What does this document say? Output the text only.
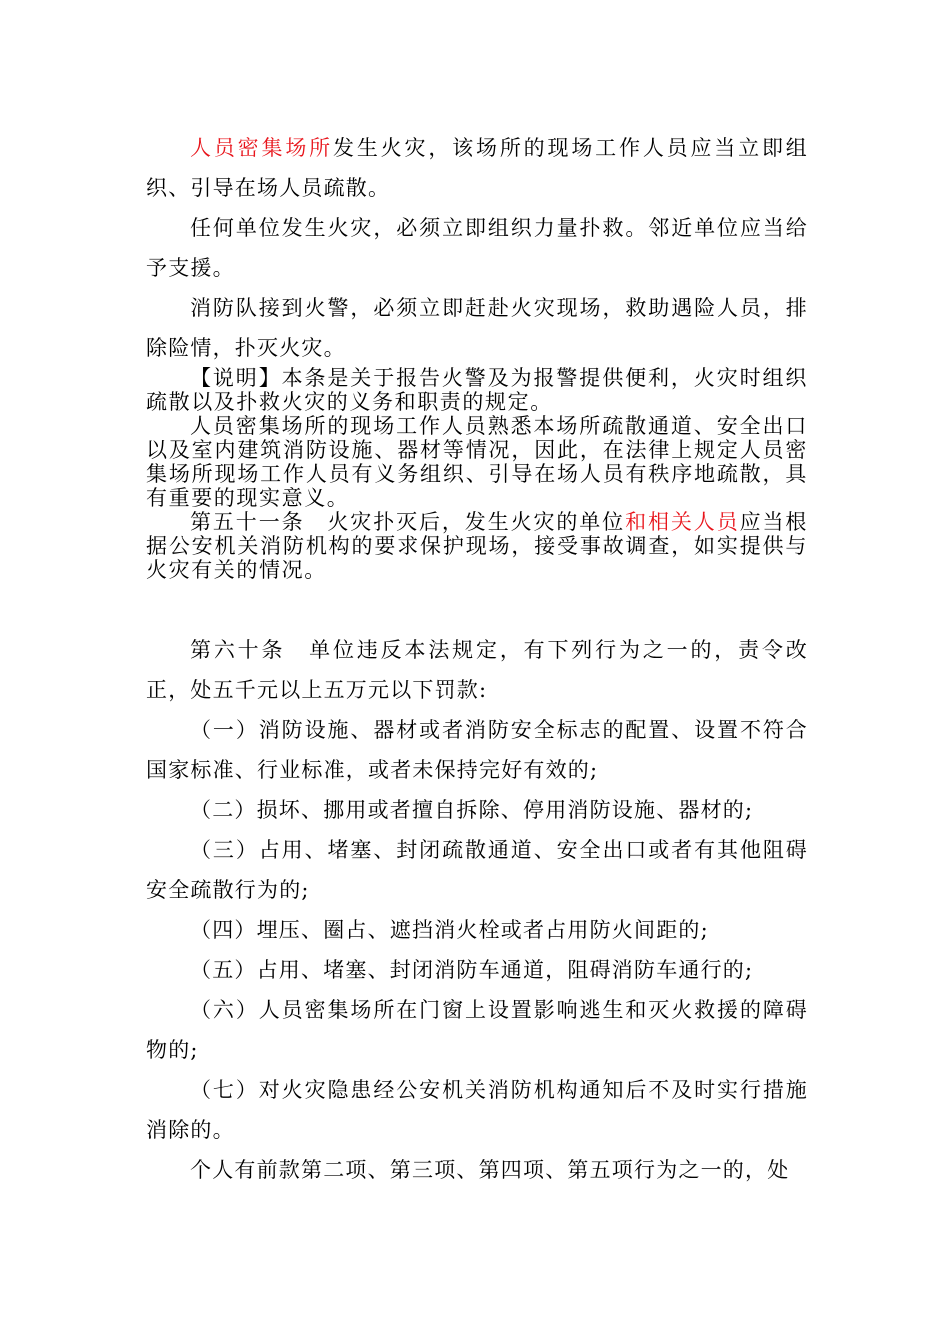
人员密集场所发生火灾，该场所的现场工作人员应当立即组织、引导在场人员疏散。

任何单位发生火灾，必须立即组织力量扑救。邻近单位应当给予支援。

消防队接到火警，必须立即赶赴火灾现场，救助遇险人员，排除险情，扑灭火灾。

【说明】本条是关于报告火警及为报警提供便利，火灾时组织疏散以及扑救火灾的义务和职责的规定。

人员密集场所的现场工作人员熟悉本场所疏散通道、安全出口以及室内建筑消防设施、器材等情况，因此，在法律上规定人员密集场所现场工作人员有义务组织、引导在场人员有秩序地疏散，具有重要的现实意义。

第五十一条　火灾扑灭后，发生火灾的单位和相关人员应当根据公安机关消防机构的要求保护现场，接受事故调查，如实提供与火灾有关的情况。

第六十条　单位违反本法规定，有下列行为之一的，责令改正，处五千元以上五万元以下罚款:

（一）消防设施、器材或者消防安全标志的配置、设置不符合国家标准、行业标准，或者未保持完好有效的;

（二）损坏、挪用或者擅自拆除、停用消防设施、器材的;

（三）占用、堵塞、封闭疏散通道、安全出口或者有其他阻碍安全疏散行为的;

（四）埋压、圈占、遮挡消火栓或者占用防火间距的;

（五）占用、堵塞、封闭消防车通道，阻碍消防车通行的;

（六）人员密集场所在门窗上设置影响逃生和灭火救援的障碍物的;

（七）对火灾隐患经公安机关消防机构通知后不及时实行措施消除的。

个人有前款第二项、第三项、第四项、第五项行为之一的，处
